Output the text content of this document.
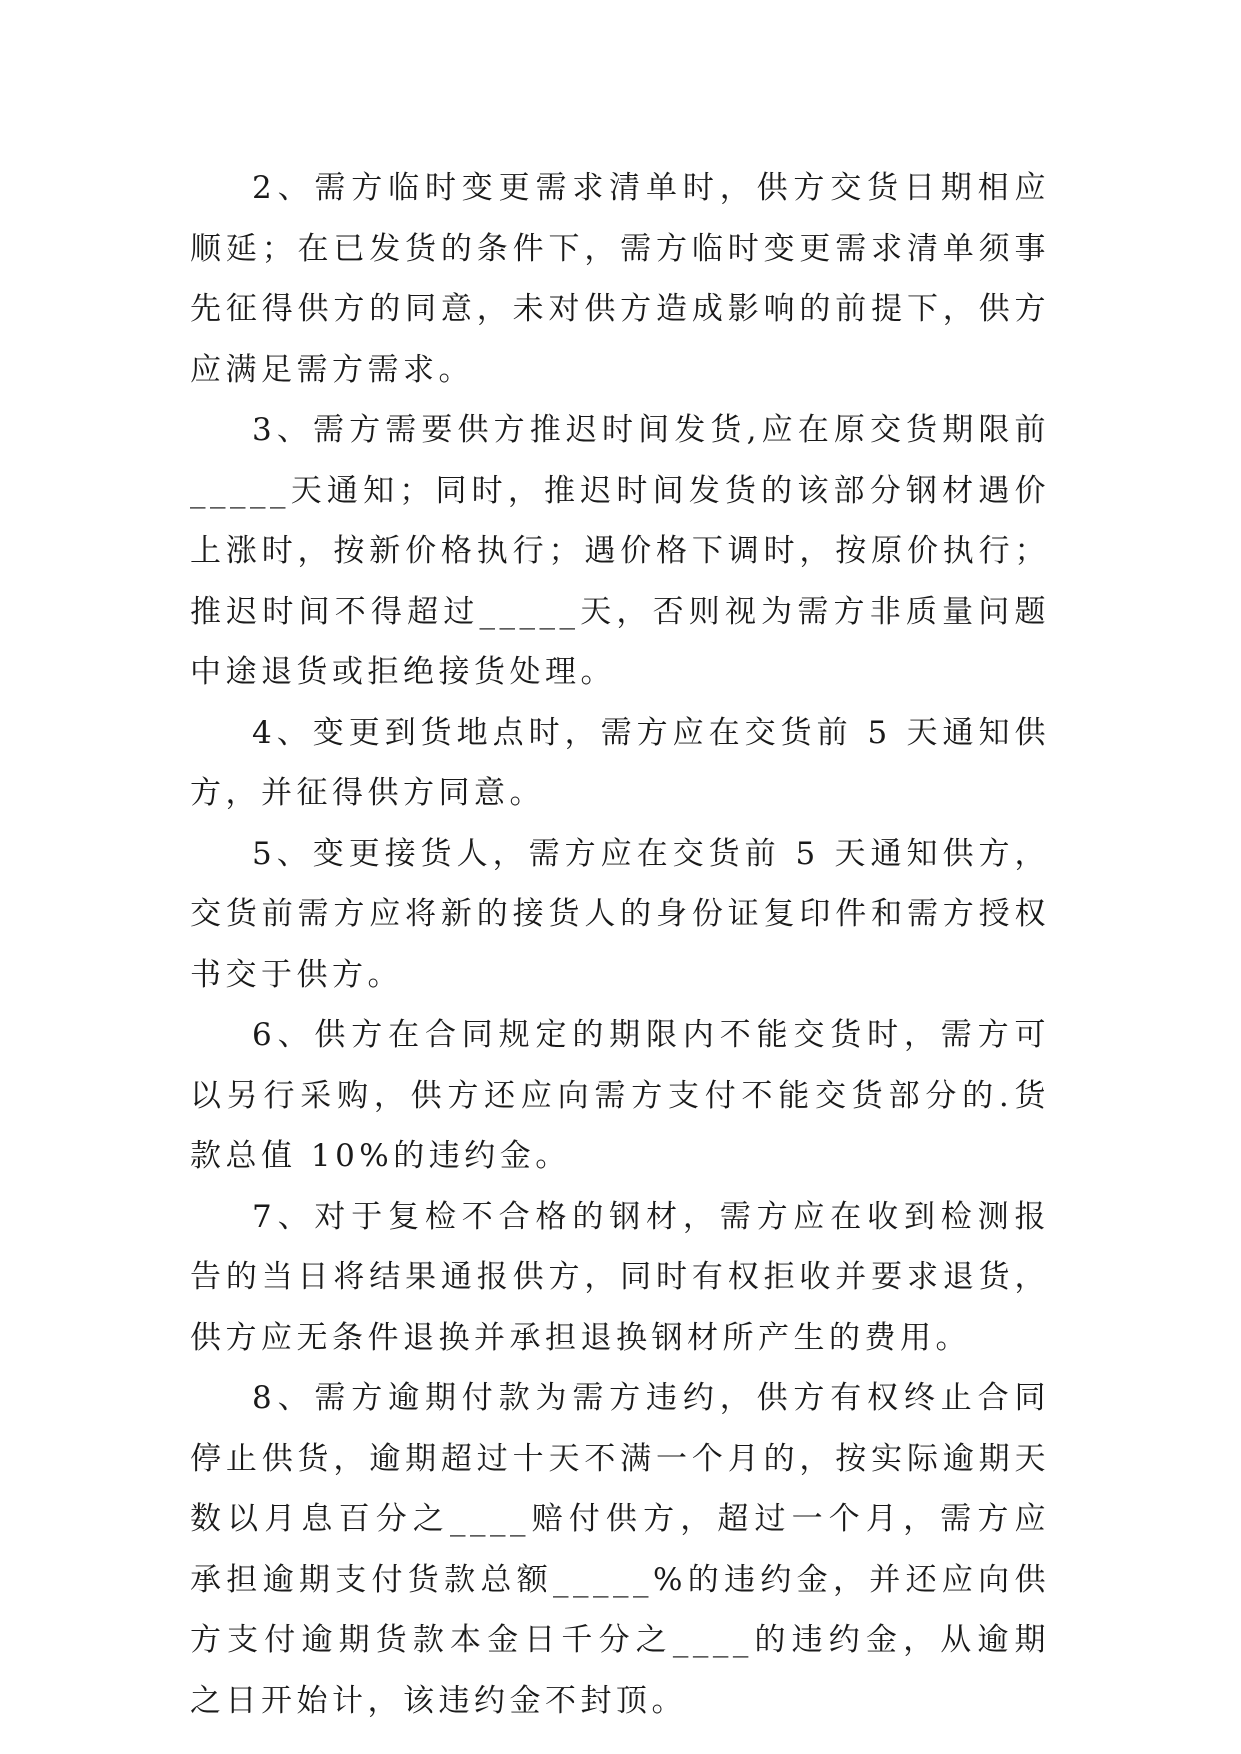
2、需方临时变更需求清单时，供方交货日期相应顺延；在已发货的条件下，需方临时变更需求清单须事先征得供方的同意，未对供方造成影响的前提下，供方应满足需方需求。

3、需方需要供方推迟时间发货,应在原交货期限前_____天通知；同时，推迟时间发货的该部分钢材遇价上涨时，按新价格执行；遇价格下调时，按原价执行；推迟时间不得超过_____天，否则视为需方非质量问题中途退货或拒绝接货处理。

4、变更到货地点时，需方应在交货前 5 天通知供方，并征得供方同意。

5、变更接货人，需方应在交货前 5 天通知供方，交货前需方应将新的接货人的身份证复印件和需方授权书交于供方。

6、供方在合同规定的期限内不能交货时，需方可以另行采购，供方还应向需方支付不能交货部分的.货款总值 10%的违约金。

7、对于复检不合格的钢材，需方应在收到检测报告的当日将结果通报供方，同时有权拒收并要求退货，供方应无条件退换并承担退换钢材所产生的费用。

8、需方逾期付款为需方违约，供方有权终止合同停止供货，逾期超过十天不满一个月的，按实际逾期天数以月息百分之____赔付供方，超过一个月，需方应承担逾期支付货款总额_____%的违约金，并还应向供方支付逾期货款本金日千分之____的违约金，从逾期之日开始计，该违约金不封顶。
